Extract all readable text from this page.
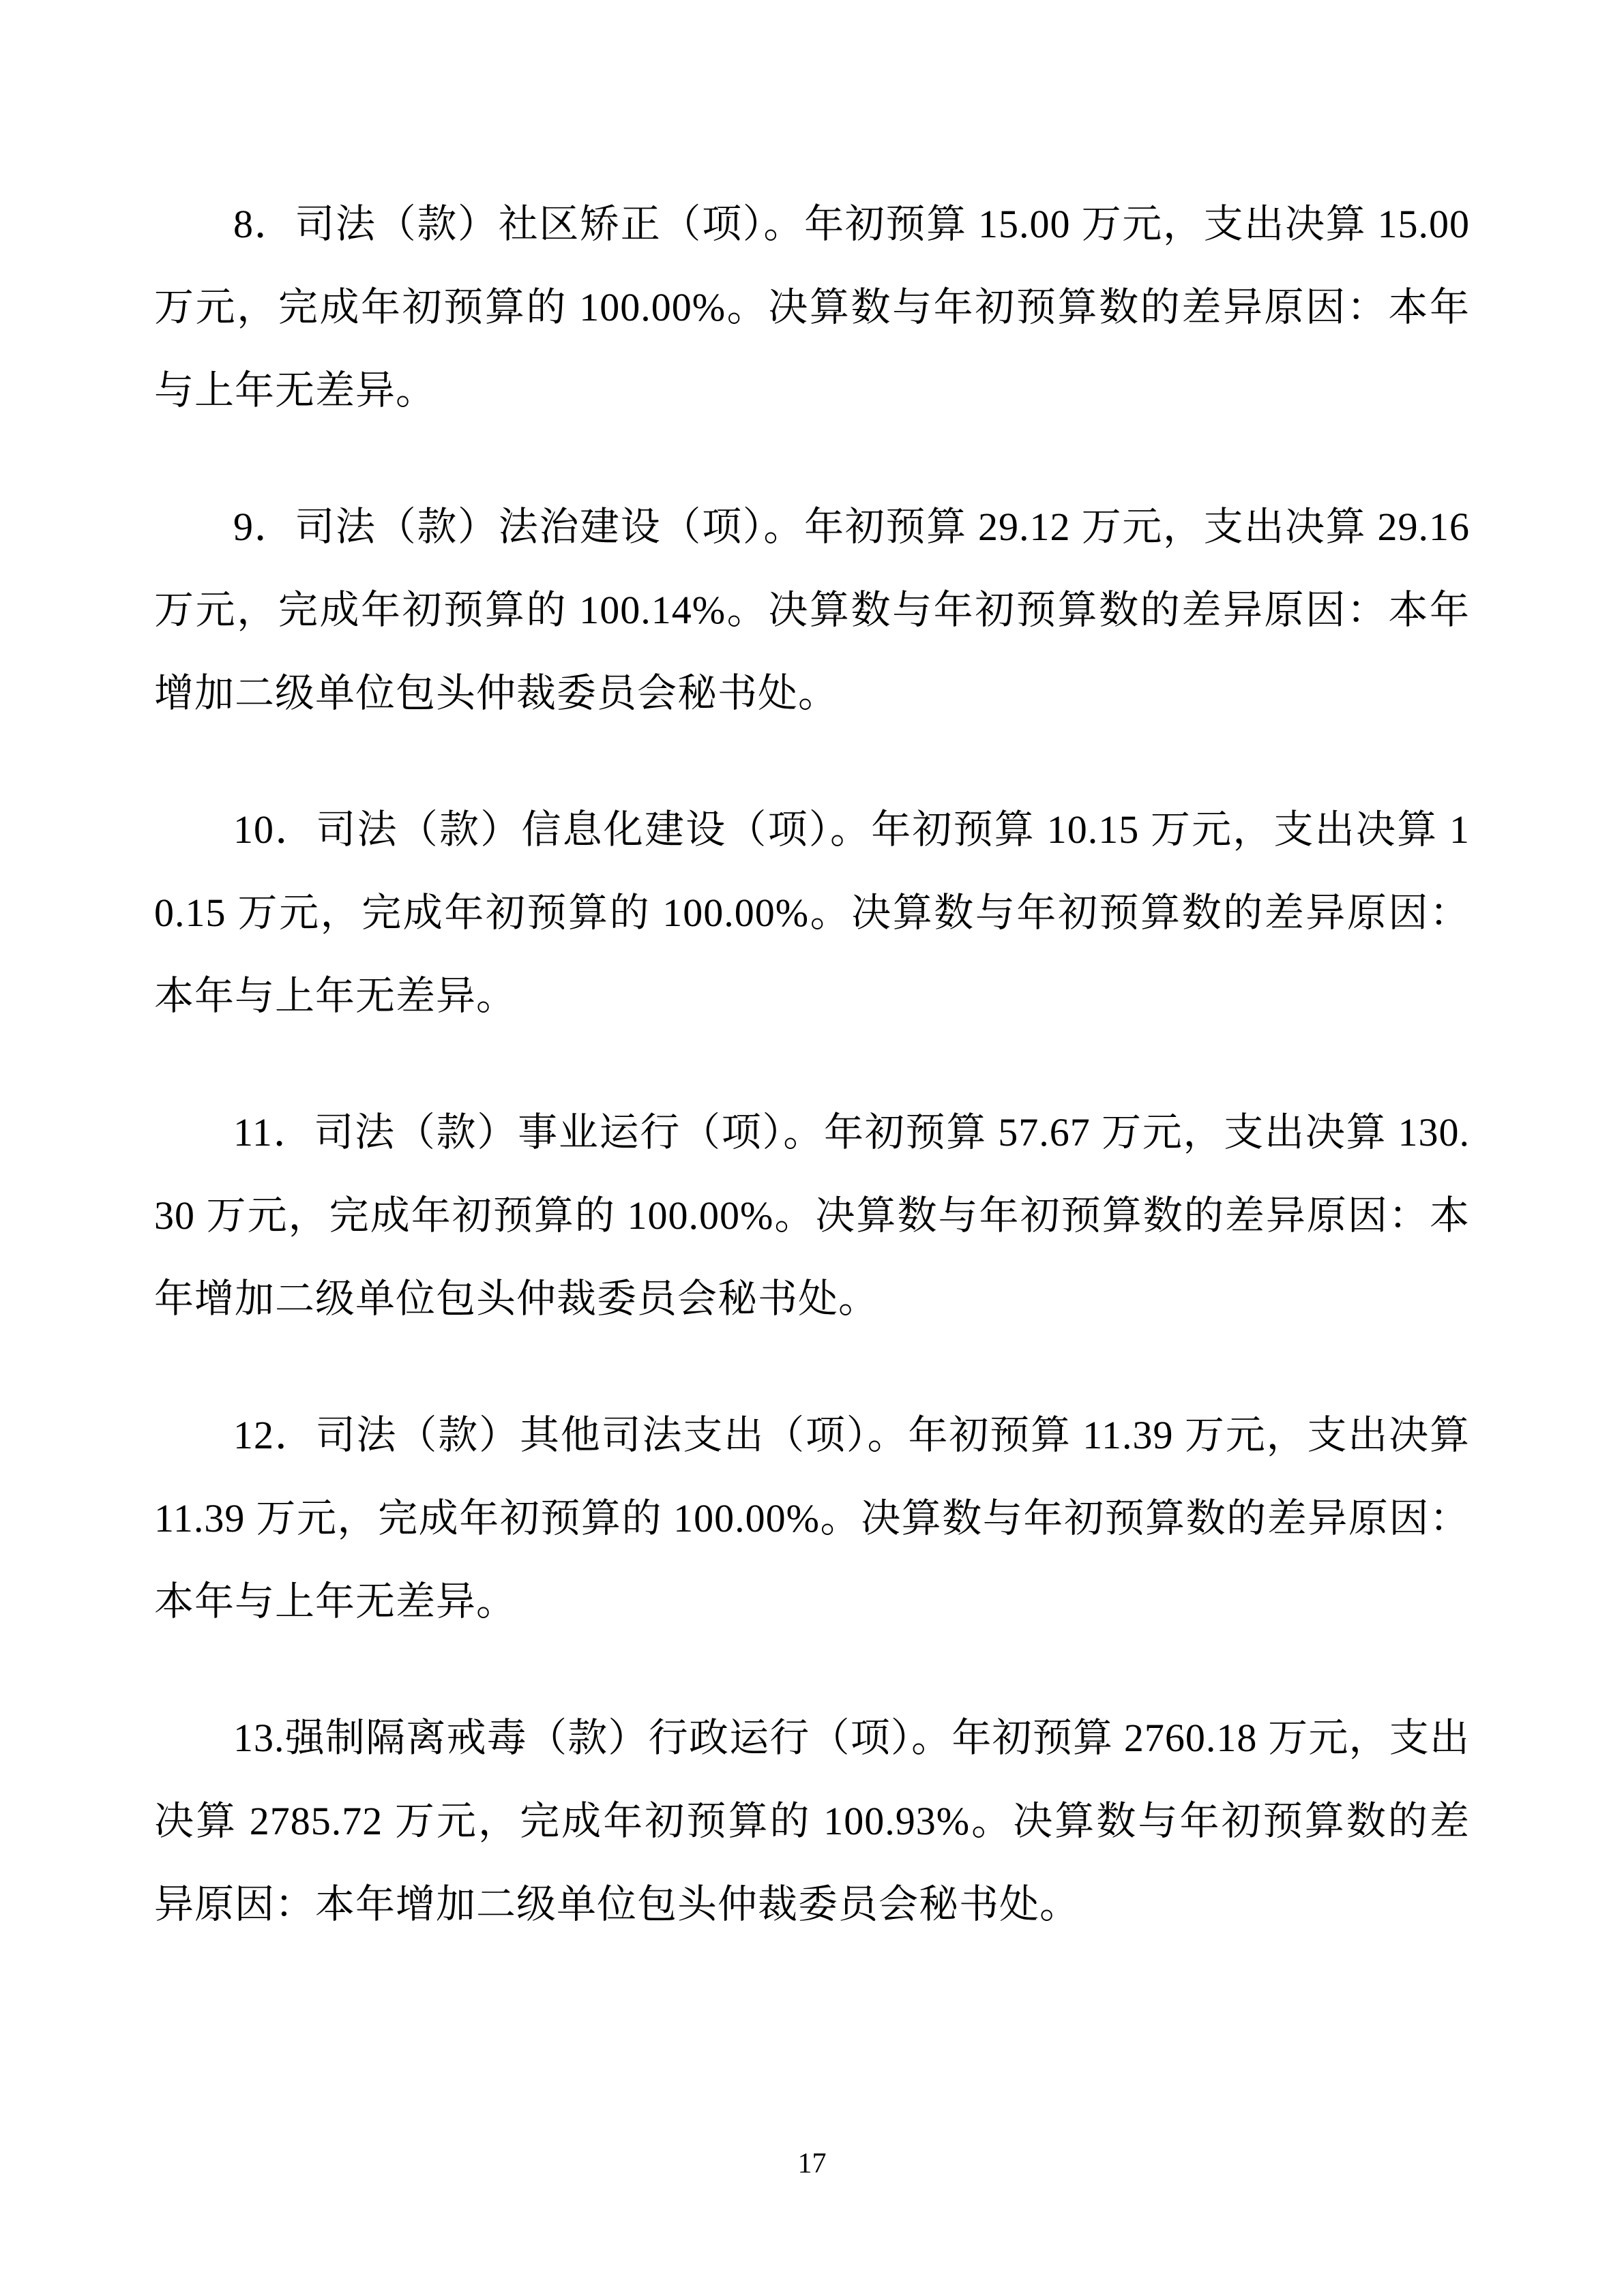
8．司法（款）社区矫正（项）。年初预算 15.00 万元，支出决算 15.00 万元，完成年初预算的 100.00%。决算数与年初预算数的差异原因：本年与上年无差异。

9．司法（款）法治建设（项）。年初预算 29.12 万元，支出决算 29.16 万元，完成年初预算的 100.14%。决算数与年初预算数的差异原因：本年增加二级单位包头仲裁委员会秘书处。

10．司法（款）信息化建设（项）。年初预算 10.15 万元，支出决算 10.15 万元，完成年初预算的 100.00%。决算数与年初预算数的差异原因：本年与上年无差异。

11．司法（款）事业运行（项）。年初预算 57.67 万元，支出决算 130.30 万元，完成年初预算的 100.00%。决算数与年初预算数的差异原因：本年增加二级单位包头仲裁委员会秘书处。

12．司法（款）其他司法支出（项）。年初预算 11.39 万元，支出决算 11.39 万元，完成年初预算的 100.00%。决算数与年初预算数的差异原因：本年与上年无差异。

13.强制隔离戒毒（款）行政运行（项）。年初预算 2760.18 万元，支出决算 2785.72 万元，完成年初预算的 100.93%。决算数与年初预算数的差异原因：本年增加二级单位包头仲裁委员会秘书处。

17
